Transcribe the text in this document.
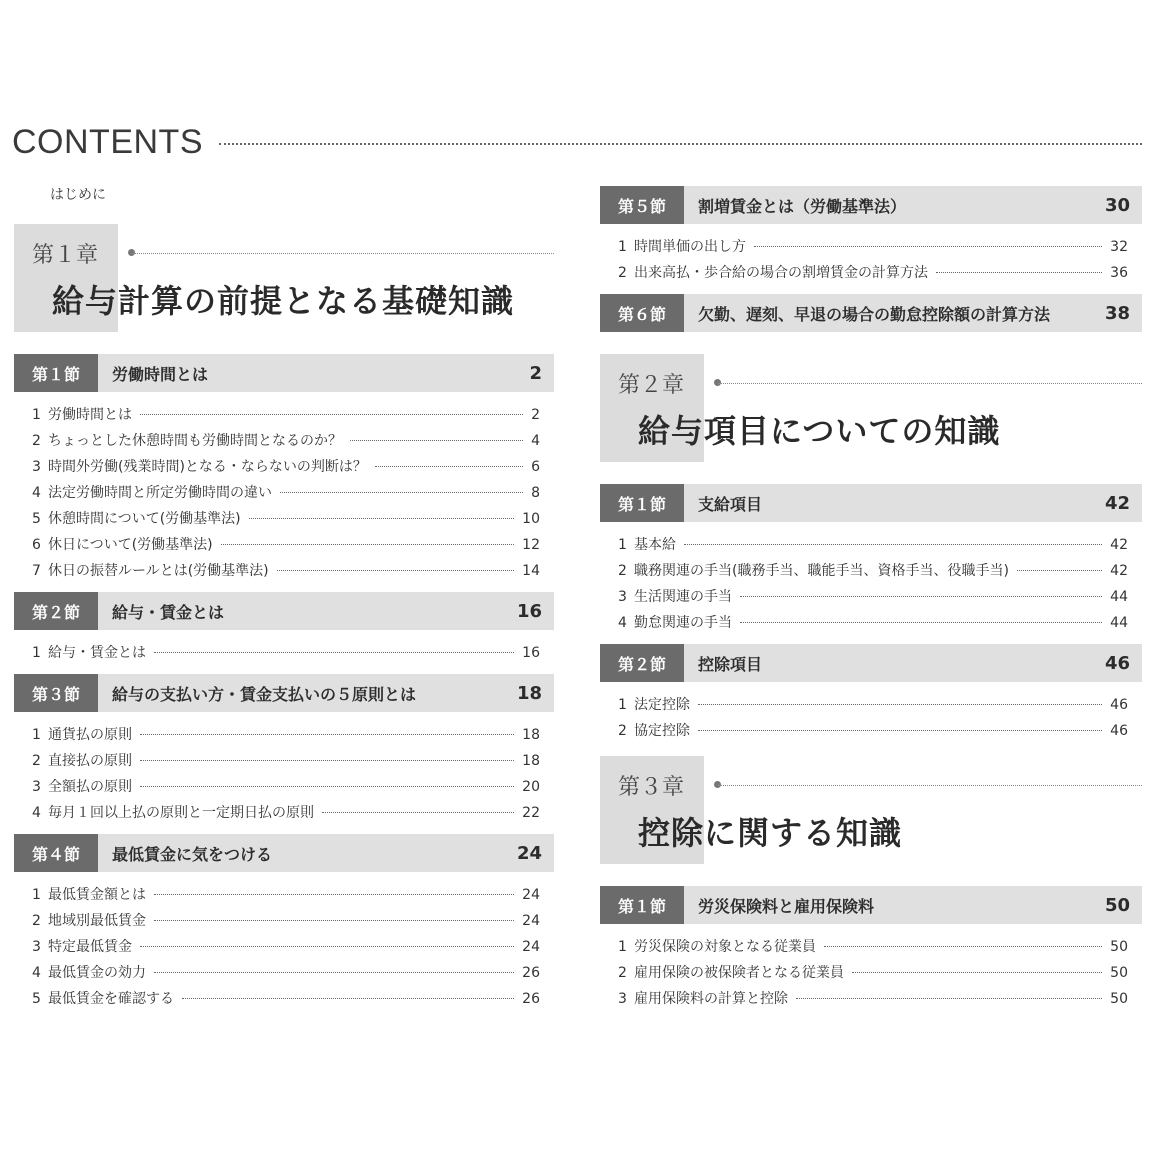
CONTENTS
はじめに
第１章
給与計算の前提となる基礎知識
第１節	労働時間とは	2
1 労働時間とは	2
2 ちょっとした休憩時間も労働時間となるのか？	4
3 時間外労働(残業時間)となる・ならないの判断は？	6
4 法定労働時間と所定労働時間の違い	8
5 休憩時間について(労働基準法)	10
6 休日について(労働基準法)	12
7 休日の振替ルールとは(労働基準法)	14
第２節	給与・賃金とは	16
1 給与・賃金とは	16
第３節	給与の支払い方・賃金支払いの５原則とは	18
1 通貨払の原則	18
2 直接払の原則	18
3 全額払の原則	20
4 毎月１回以上払の原則と一定期日払の原則	22
第４節	最低賃金に気をつける	24
1 最低賃金額とは	24
2 地域別最低賃金	24
3 特定最低賃金	24
4 最低賃金の効力	26
5 最低賃金を確認する	26
第５節	割増賃金とは（労働基準法）	30
1 時間単価の出し方	32
2 出来高払・歩合給の場合の割増賃金の計算方法	36
第６節	欠勤、遅刻、早退の場合の勤怠控除額の計算方法	38
第２章
給与項目についての知識
第１節	支給項目	42
1 基本給	42
2 職務関連の手当(職務手当、職能手当、資格手当、役職手当)	42
3 生活関連の手当	44
4 勤怠関連の手当	44
第２節	控除項目	46
1 法定控除	46
2 協定控除	46
第３章
控除に関する知識
第１節	労災保険料と雇用保険料	50
1 労災保険の対象となる従業員	50
2 雇用保険の被保険者となる従業員	50
3 雇用保険料の計算と控除	50
